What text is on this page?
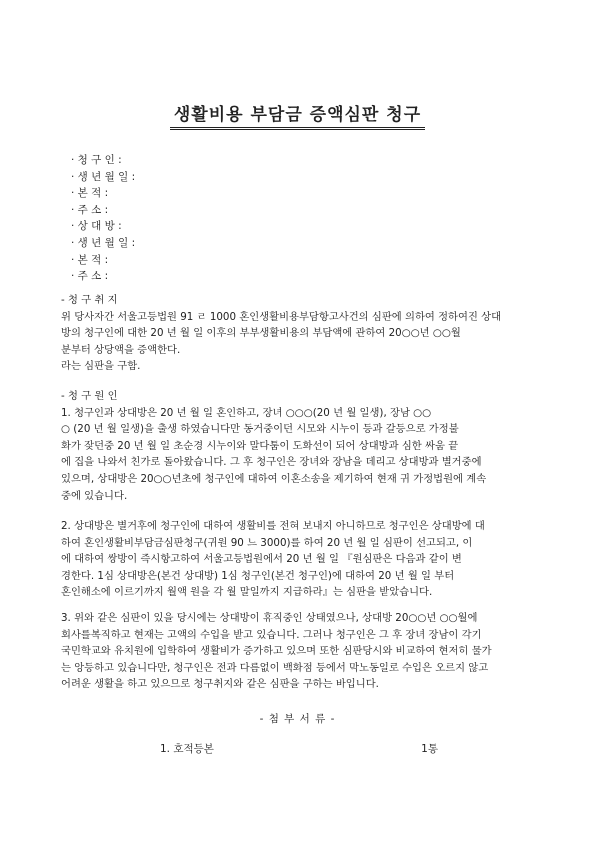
생활비용 부담금 증액심판 청구
· 청 구 인 :
· 생 년 월 일 :
· 본 적 :
· 주 소 :
· 상 대 방 :
· 생 년 월 일 :
· 본 적 :
· 주 소 :
- 청 구 취 지
위 당사자간 서울고등법원 91 ㄹ 1000 혼인생활비용부담항고사건의 심판에 의하여 정하여진 상대
방의 청구인에 대한 20 년 월 일 이후의 부부생활비용의 부담액에 관하여 20○○년 ○○월
분부터 상당액을 증액한다.
라는 심판을 구함.
- 청 구 원 인
1. 청구인과 상대방은 20 년 월 일 혼인하고, 장녀 ○○○(20 년 월 일생), 장남 ○○
○ (20 년 월 일생)을 출생 하였습니다만 동거중이던 시모와 시누이 등과 갈등으로 가정불
화가 잦던중 20 년 월 일 초순경 시누이와 말다툼이 도화선이 되어 상대방과 심한 싸움 끝
에 집을 나와서 친가로 돌아왔습니다. 그 후 청구인은 장녀와 장남을 데리고 상대방과 별거중에
있으며, 상대방은 20○○년초에 청구인에 대하여 이혼소송을 제기하여 현재 귀 가정법원에 계속
중에 있습니다.
2. 상대방은 별거후에 청구인에 대하여 생활비를 전혀 보내지 아니하므로 청구인은 상대방에 대
하여 혼인생활비부담금심판청구(귀원 90 느 3000)를 하여 20 년 월 일 심판이 선고되고, 이
에 대하여 쌍방이 즉시항고하여 서울고등법원에서 20 년 월 일 『원심판은 다음과 같이 변
경한다. 1심 상대방은(본건 상대방) 1심 청구인(본건 청구인)에 대하여 20 년 월 일 부터
혼인해소에 이르기까지 월액 원을 각 월 말일까지 지급하라』는 심판을 받았습니다.
3. 위와 같은 심판이 있을 당시에는 상대방이 휴직중인 상태였으나, 상대방 20○○년 ○○월에
회사를복직하고 현재는 고액의 수입을 받고 있습니다. 그러나 청구인은 그 후 장녀 장남이 각기
국민학교와 유치원에 입학하여 생활비가 증가하고 있으며 또한 심판당시와 비교하여 현저히 물가
는 앙등하고 있습니다만, 청구인은 전과 다름없이 백화점 등에서 막노동일로 수입은 오르지 않고
어려운 생활을 하고 있으므로 청구취지와 같은 심판을 구하는 바입니다.
- 첨 부 서 류 -
1. 호적등본	1통
